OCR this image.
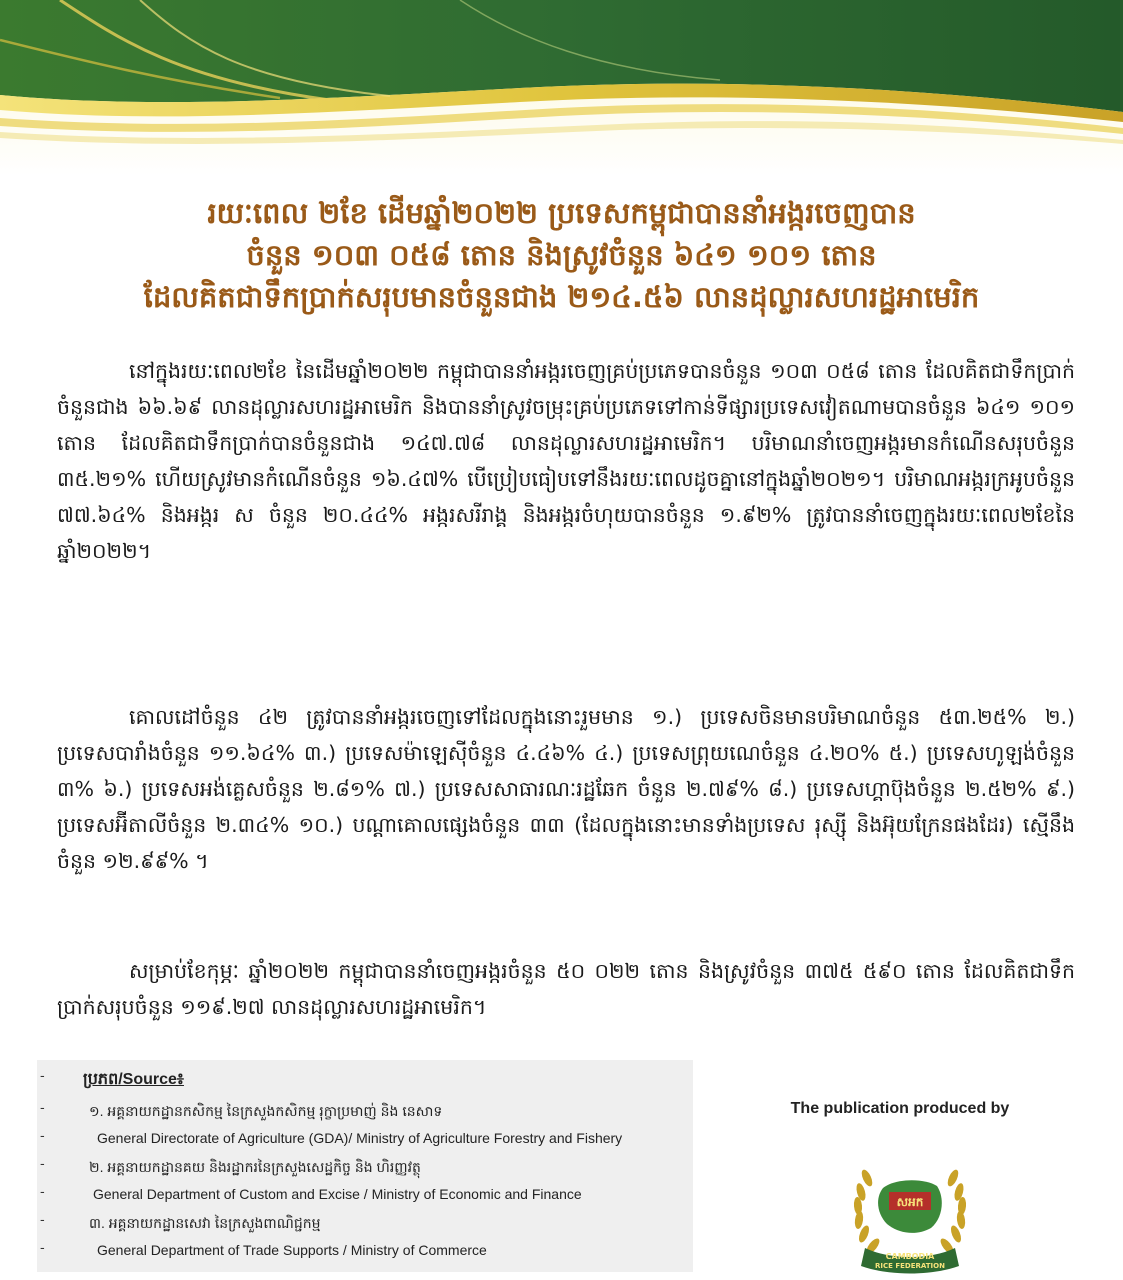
រយៈពេល ២ខែ ដើមឆ្នាំ២០២២ ប្រទេសកម្ពុជាបាននាំអង្ករចេញបាន
ចំនួន ១០៣ ០៥៨ តោន និងស្រូវចំនួន ៦៤១ ១០១ តោន
ដែលគិតជាទឹកប្រាក់សរុបមានចំនួនជាង ២១៤.៥៦ លានដុល្លារសហរដ្ឋអាមេរិក

នៅក្នុងរយៈពេល២ខែ នៃដើមឆ្នាំ២០២២ កម្ពុជាបាននាំអង្ករចេញគ្រប់ប្រភេទបានចំនួន ១០៣ ០៥៨ តោន ដែលគិតជាទឹកប្រាក់ចំនួនជាង ៦៦.៦៩ លានដុល្លារសហរដ្ឋអាមេរិក និងបាននាំស្រូវចម្រុះគ្រប់ប្រភេទទៅកាន់ទីផ្សារប្រទេសវៀតណាមបានចំនួន ៦៤១ ១០១ តោន ដែលគិតជាទឹកប្រាក់បានចំនួនជាង ១៤៧.៧៨ លានដុល្លារសហរដ្ឋអាមេរិក។ បរិមាណនាំចេញអង្ករមានកំណើនសរុបចំនួន ៣៥.២១% ហើយស្រូវមានកំណើនចំនួន ១៦.៤៧% បើប្រៀបធៀបទៅនឹងរយៈពេលដូចគ្នានៅក្នុងឆ្នាំ២០២១។ បរិមាណអង្ករក្រអូបចំនួន ៧៧.៦៤% និងអង្ករ ស ចំនួន ២០.៤៤% អង្ករសរីរាង្គ និងអង្ករចំហុយបានចំនួន ១.៩២% ត្រូវបាននាំចេញក្នុងរយៈពេល២ខែនៃឆ្នាំ២០២២។

គោលដៅចំនួន ៤២ ត្រូវបាននាំអង្ករចេញទៅដែលក្នុងនោះរួមមាន ១.) ប្រទេសចិនមានបរិមាណចំនួន ៥៣.២៥% ២.) ប្រទេសបារាំងចំនួន ១១.៦៤% ៣.) ប្រទេសម៉ាឡេស៊ីចំនួន ៤.៤៦% ៤.) ប្រទេសព្រុយណេចំនួន ៤.២០% ៥.) ប្រទេសហូឡង់ចំនួន ៣% ៦.) ប្រទេសអង់គ្លេសចំនួន ២.៨១% ៧.) ប្រទេសសាធារណៈរដ្ឋឆែក ចំនួន ២.៧៩% ៨.) ប្រទេសហ្គាប៊ុងចំនួន ២.៥២% ៩.) ប្រទេសអ៊ីតាលីចំនួន ២.៣៤% ១០.) បណ្ដាគោលផ្សេងចំនួន ៣៣ (ដែលក្នុងនោះមានទាំងប្រទេស រុស្ស៊ី និងអ៊ុយក្រែនផងដែរ) ស្មើនឹងចំនួន ១២.៩៩% ។

សម្រាប់ខែកុម្ភៈ ឆ្នាំ២០២២ កម្ពុជាបាននាំចេញអង្ករចំនួន ៥០ ០២២ តោន និងស្រូវចំនួន ៣៧៥ ៥៩០ តោន ដែលគិតជាទឹកប្រាក់សរុបចំនួន ១១៩.២៧ លានដុល្លារសហរដ្ឋអាមេរិក។

- ប្រភព/Source៖
-	១. អគ្គនាយកដ្ឋានកសិកម្ម នៃក្រសួងកសិកម្ម រុក្ខាប្រមាញ់ និង នេសាទ
-	General Directorate of Agriculture (GDA)/ Ministry of Agriculture Forestry and Fishery
-	២. អគ្គនាយកដ្ឋានគយ និងរដ្ឋាករនៃក្រសួងសេដ្ឋកិច្ច និង ហិរញ្ញវត្ថុ
-	General Department of Custom and Excise / Ministry of Economic and Finance
-	៣. អគ្គនាយកដ្ឋានសេវា នៃក្រសួងពាណិជ្ជកម្ម
-	General Department of Trade Supports / Ministry of Commerce
The publication produced by
សអក
CAMBODIA
RICE FEDERATION
